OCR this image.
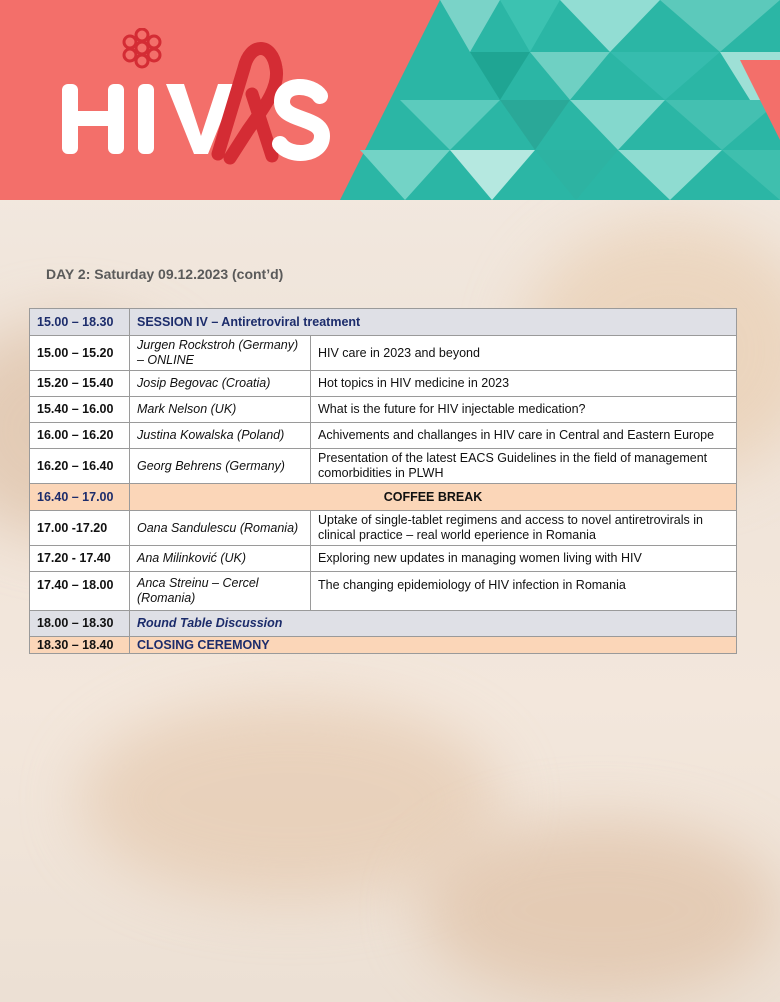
DAY 2: Saturday 09.12.2023 (cont’d)

15.00 – 18.30	SESSION IV – Antiretroviral treatment	
15.00 – 15.20	Jurgen Rockstroh (Germany) – ONLINE	HIV care in 2023 and beyond
15.20 – 15.40	Josip Begovac (Croatia)	Hot topics in HIV medicine in 2023
15.40 – 16.00	Mark Nelson (UK)	What is the future for HIV injectable medication?
16.00 – 16.20	Justina Kowalska (Poland)	Achivements and challanges in HIV care in Central and Eastern Europe
16.20 – 16.40	Georg Behrens (Germany)	Presentation of the latest EACS Guidelines in the field of management comorbidities in PLWH
16.40 – 17.00	COFFEE BREAK	
17.00 -17.20	Oana Sandulescu (Romania)	Uptake of single-tablet regimens and access to novel antiretrovirals in clinical practice – real world eperience in Romania
17.20 - 17.40	Ana Milinković (UK)	Exploring new updates in managing women living with HIV
17.40 – 18.00	Anca Streinu – Cercel (Romania)	The changing epidemiology of HIV infection in Romania
18.00 – 18.30	Round Table Discussion	
18.30 – 18.40	CLOSING CEREMONY	
